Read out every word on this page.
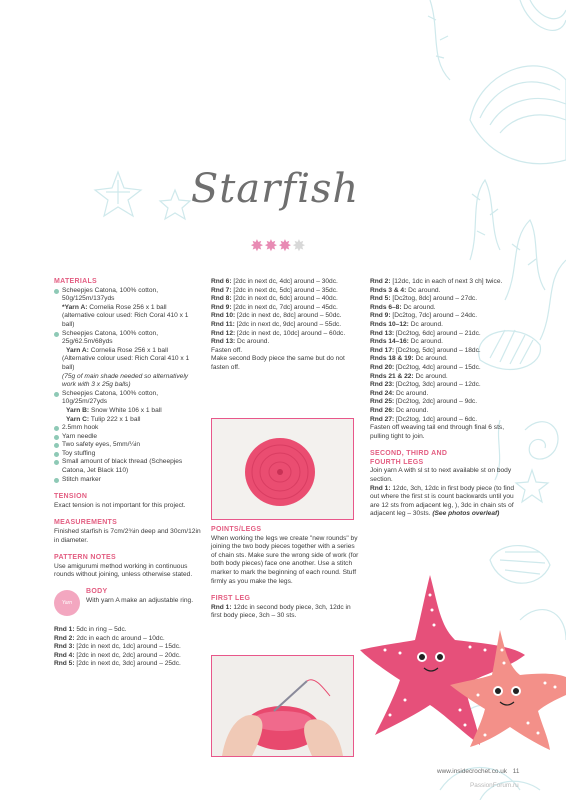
Starfish
✸✸✸✸
MATERIALS
Scheepjes Catona, 100% cotton, 50g/125m/137yds
*Yarn A: Cornelia Rose 256 x 1 ball
(alternative colour used: Rich Coral 410 x 1 ball)
Scheepjes Catona, 100% cotton, 25g/62.5m/68yds
Yarn A: Cornelia Rose 256 x 1 ball
(Alternative colour used: Rich Coral 410 x 1 ball)
(75g of main shade needed so alternatively work with 3 x 25g balls)
Scheepjes Catona, 100% cotton, 10g/25m/27yds
Yarn B: Snow White 106 x 1 ball
Yarn C: Tulip 222 x 1 ball
2.5mm hook
Yarn needle
Two safety eyes, 5mm/¼in
Toy stuffing
Small amount of black thread (Scheepjes Catona, Jet Black 110)
Stitch marker
TENSION

Exact tension is not important for this project.

MEASUREMENTS

Finished starfish is 7cm/2¾in deep and 30cm/12in in diameter.

PATTERN NOTES

Use amigurumi method working in continuous rounds without joining, unless otherwise stated.

Yarn
BODY

With yarn A make an adjustable ring.

Rnd 1: 5dc in ring – 5dc.

Rnd 2: 2dc in each dc around – 10dc.

Rnd 3: [2dc in next dc, 1dc] around – 15dc.

Rnd 4: [2dc in next dc, 2dc] around – 20dc.

Rnd 5: [2dc in next dc, 3dc] around – 25dc.

Rnd 6: [2dc in next dc, 4dc] around – 30dc.

Rnd 7: [2dc in next dc, 5dc] around – 35dc.

Rnd 8: [2dc in next dc, 6dc] around – 40dc.

Rnd 9: [2dc in next dc, 7dc] around – 45dc.

Rnd 10: [2dc in next dc, 8dc] around – 50dc.

Rnd 11: [2dc in next dc, 9dc] around – 55dc.

Rnd 12: [2dc in next dc, 10dc] around – 60dc.

Rnd 13: Dc around.

Fasten off.

Make second Body piece the same but do not fasten off.

POINTS/LEGS

When working the legs we create "new rounds" by joining the two body pieces together with a series of chain sts. Make sure the wrong side of work (for both body pieces) face one another. Use a stitch marker to mark the beginning of each round. Stuff firmly as you make the legs.

FIRST LEG

Rnd 1: 12dc in second body piece, 3ch, 12dc in first body piece, 3ch – 30 sts.

Rnd 2: [12dc, 1dc in each of next 3 ch] twice.

Rnds 3 & 4: Dc around.

Rnd 5: [Dc2tog, 8dc] around – 27dc.

Rnds 6–8: Dc around.

Rnd 9: [Dc2tog, 7dc] around – 24dc.

Rnds 10–12: Dc around.

Rnd 13: [Dc2tog, 6dc] around – 21dc.

Rnds 14–16: Dc around.

Rnd 17: [Dc2tog, 5dc] around – 18dc.

Rnds 18 & 19: Dc around.

Rnd 20: [Dc2tog, 4dc] around – 15dc.

Rnds 21 & 22: Dc around.

Rnd 23: [Dc2tog, 3dc] around – 12dc.

Rnd 24: Dc around.

Rnd 25: [Dc2tog, 2dc] around – 9dc.

Rnd 26: Dc around.

Rnd 27: [Dc2tog, 1dc] around – 6dc.

Fasten off weaving tail end through final 6 sts, pulling tight to join.

SECOND, THIRD AND
FOURTH LEGS

Join yarn A with sl st to next available st on body section.

Rnd 1: 12dc, 3ch, 12dc in first body piece (to find out where the first st is count backwards until you are 12 sts from adjacent leg, ), 3dc in chain sts of adjacent leg – 30sts. (See photos overleaf)

www.insidecrochet.co.uk 11
PassionForum.ru
